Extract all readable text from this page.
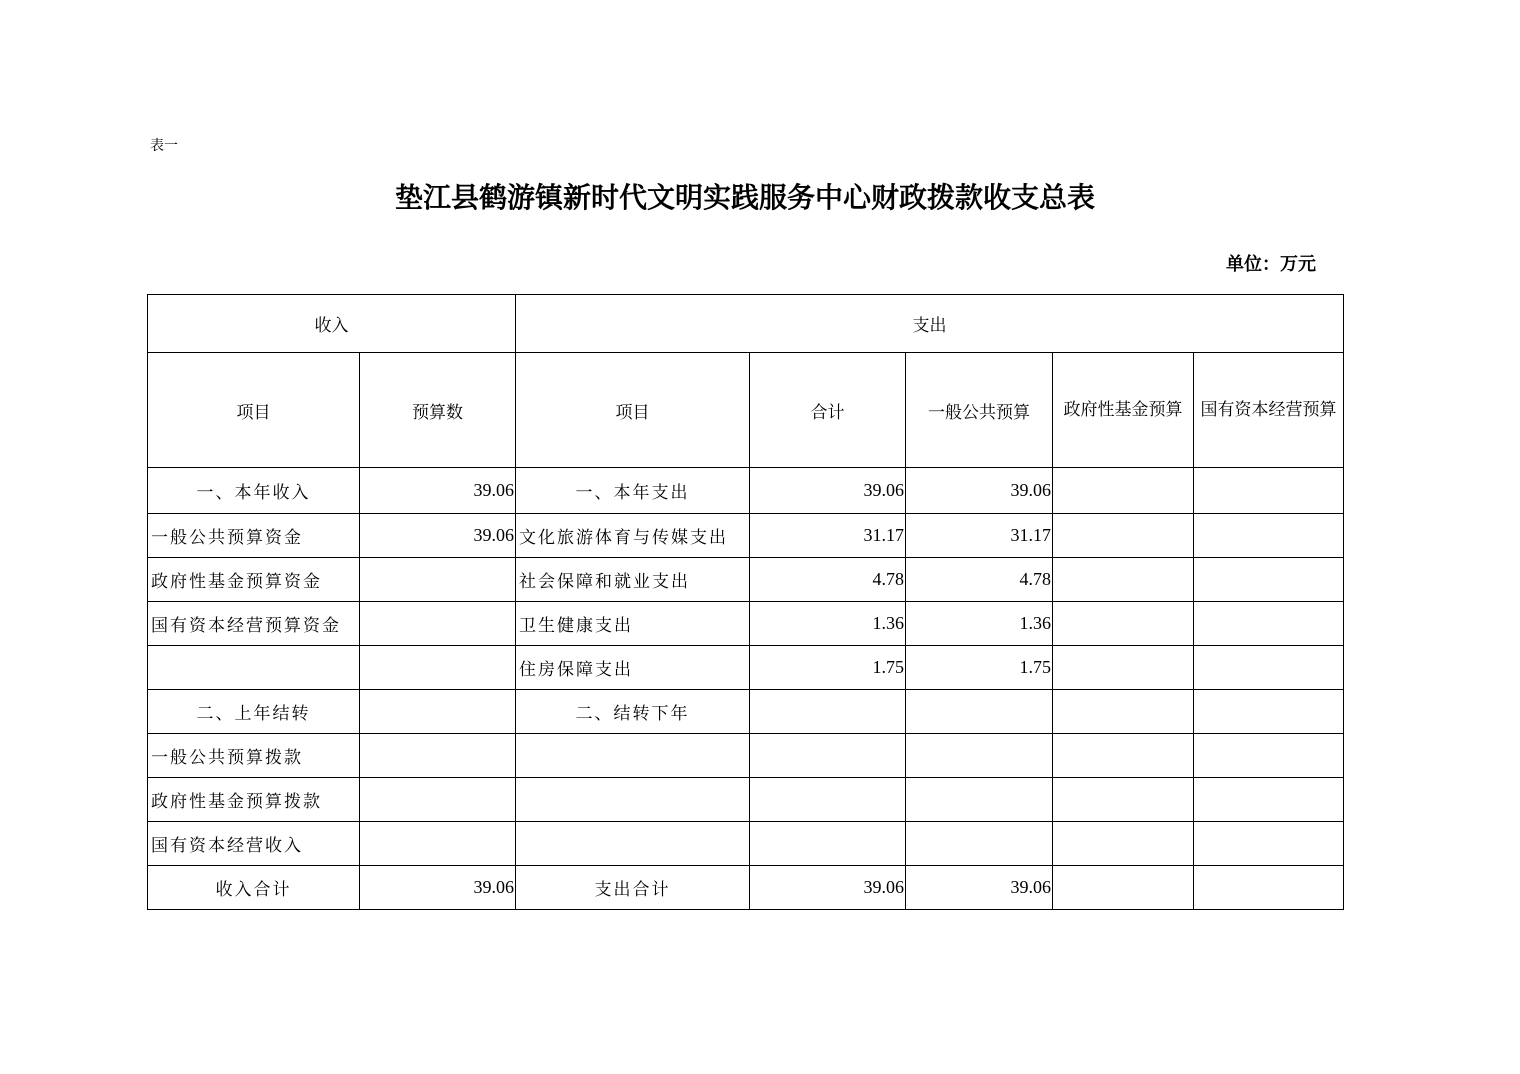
表一
垫江县鹤游镇新时代文明实践服务中心财政拨款收支总表
单位：万元
收入		支出				
项目	预算数	项目	合计	一般公共预算	政府性基金预算	国有资本经营预算
一、本年收入	39.06	一、本年支出	39.06	39.06		
一般公共预算资金	39.06	文化旅游体育与传媒支出	31.17	31.17		
政府性基金预算资金		社会保障和就业支出	4.78	4.78		
国有资本经营预算资金		卫生健康支出	1.36	1.36		
		住房保障支出	1.75	1.75		
二、上年结转		二、结转下年				
一般公共预算拨款						
政府性基金预算拨款						
国有资本经营收入						
收入合计	39.06	支出合计	39.06	39.06		
